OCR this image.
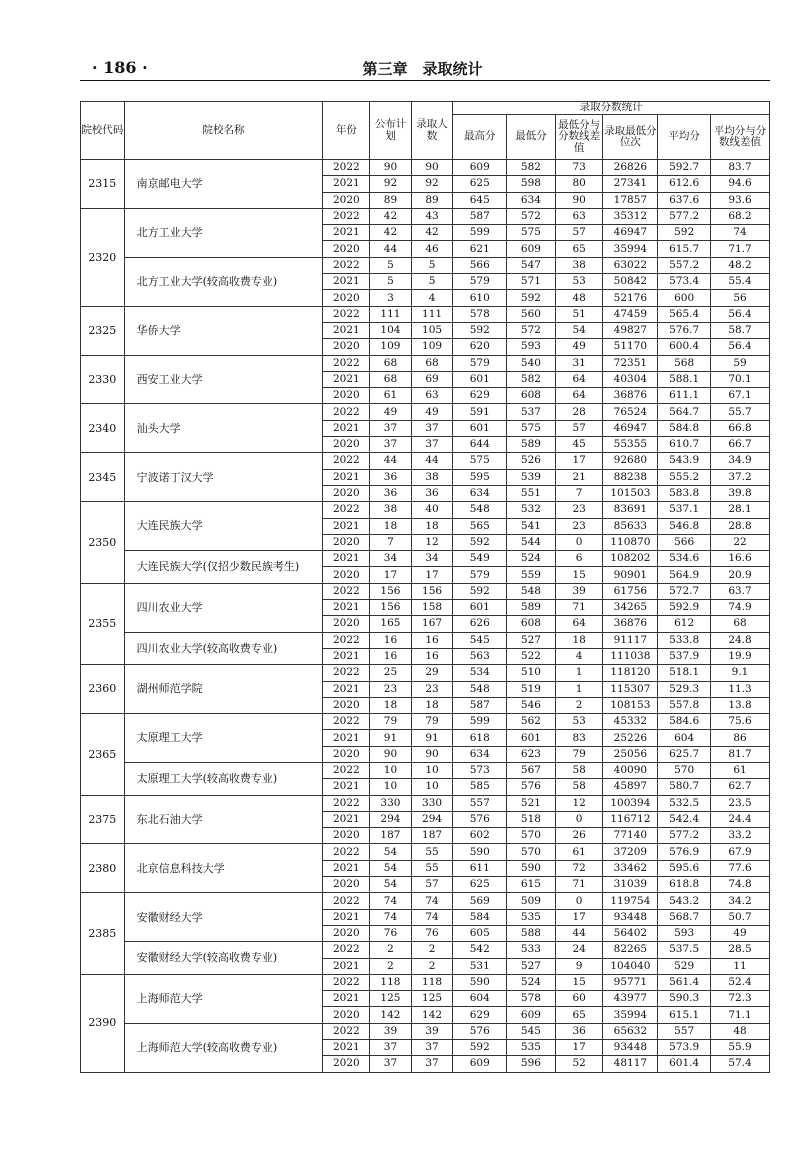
· 186 ·	第三章　录取统计
院校代码	院校名称	年份	公布计划	录取人数	录取分数统计					
					最高分	最低分	最低分与分数线差值	录取最低分位次	平均分	平均分与分数线差值
2315	南京邮电大学	2022	90	90	609	582	73	26826	592.7	83.7
		2021	92	92	625	598	80	27341	612.6	94.6
		2020	89	89	645	634	90	17857	637.6	93.6
2320	北方工业大学	2022	42	43	587	572	63	35312	577.2	68.2
		2021	42	42	599	575	57	46947	592	74
		2020	44	46	621	609	65	35994	615.7	71.7
	北方工业大学(较高收费专业)	2022	5	5	566	547	38	63022	557.2	48.2
		2021	5	5	579	571	53	50842	573.4	55.4
		2020	3	4	610	592	48	52176	600	56
2325	华侨大学	2022	111	111	578	560	51	47459	565.4	56.4
		2021	104	105	592	572	54	49827	576.7	58.7
		2020	109	109	620	593	49	51170	600.4	56.4
2330	西安工业大学	2022	68	68	579	540	31	72351	568	59
		2021	68	69	601	582	64	40304	588.1	70.1
		2020	61	63	629	608	64	36876	611.1	67.1
2340	汕头大学	2022	49	49	591	537	28	76524	564.7	55.7
		2021	37	37	601	575	57	46947	584.8	66.8
		2020	37	37	644	589	45	55355	610.7	66.7
2345	宁波诺丁汉大学	2022	44	44	575	526	17	92680	543.9	34.9
		2021	36	38	595	539	21	88238	555.2	37.2
		2020	36	36	634	551	7	101503	583.8	39.8
2350	大连民族大学	2022	38	40	548	532	23	83691	537.1	28.1
		2021	18	18	565	541	23	85633	546.8	28.8
		2020	7	12	592	544	0	110870	566	22
	大连民族大学(仅招少数民族考生)	2021	34	34	549	524	6	108202	534.6	16.6
		2020	17	17	579	559	15	90901	564.9	20.9
2355	四川农业大学	2022	156	156	592	548	39	61756	572.7	63.7
		2021	156	158	601	589	71	34265	592.9	74.9
		2020	165	167	626	608	64	36876	612	68
	四川农业大学(较高收费专业)	2022	16	16	545	527	18	91117	533.8	24.8
		2021	16	16	563	522	4	111038	537.9	19.9
2360	湖州师范学院	2022	25	29	534	510	1	118120	518.1	9.1
		2021	23	23	548	519	1	115307	529.3	11.3
		2020	18	18	587	546	2	108153	557.8	13.8
2365	太原理工大学	2022	79	79	599	562	53	45332	584.6	75.6
		2021	91	91	618	601	83	25226	604	86
		2020	90	90	634	623	79	25056	625.7	81.7
	太原理工大学(较高收费专业)	2022	10	10	573	567	58	40090	570	61
		2021	10	10	585	576	58	45897	580.7	62.7
2375	东北石油大学	2022	330	330	557	521	12	100394	532.5	23.5
		2021	294	294	576	518	0	116712	542.4	24.4
		2020	187	187	602	570	26	77140	577.2	33.2
2380	北京信息科技大学	2022	54	55	590	570	61	37209	576.9	67.9
		2021	54	55	611	590	72	33462	595.6	77.6
		2020	54	57	625	615	71	31039	618.8	74.8
2385	安徽财经大学	2022	74	74	569	509	0	119754	543.2	34.2
		2021	74	74	584	535	17	93448	568.7	50.7
		2020	76	76	605	588	44	56402	593	49
	安徽财经大学(较高收费专业)	2022	2	2	542	533	24	82265	537.5	28.5
		2021	2	2	531	527	9	104040	529	11
2390	上海师范大学	2022	118	118	590	524	15	95771	561.4	52.4
		2021	125	125	604	578	60	43977	590.3	72.3
		2020	142	142	629	609	65	35994	615.1	71.1
	上海师范大学(较高收费专业)	2022	39	39	576	545	36	65632	557	48
		2021	37	37	592	535	17	93448	573.9	55.9
		2020	37	37	609	596	52	48117	601.4	57.4
